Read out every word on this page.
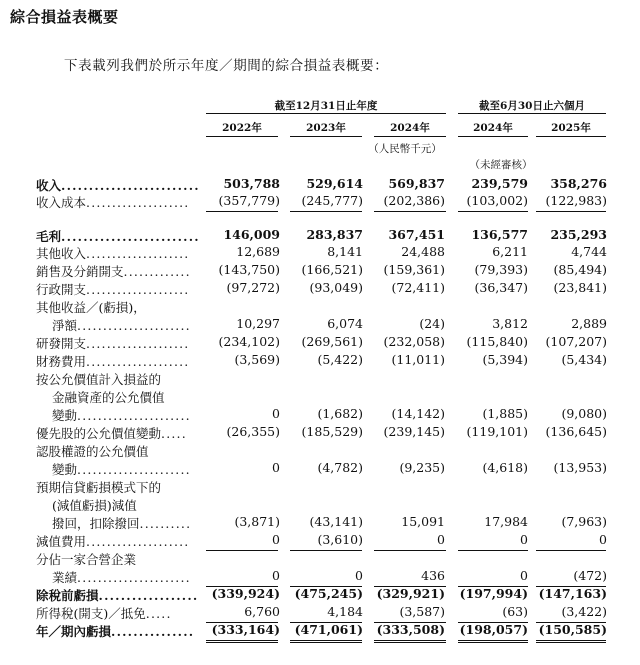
綜合損益表概要
下表載列我們於所示年度／期間的綜合損益表概要：
截至12月31日止年度	截至6月30日止六個月
2022年	2023年	2024年	2024年	2025年
（人民幣千元）
（未經審核）
收入.........................	503,788	529,614	569,837	239,579	358,276
收入成本....................	(357,779)	(245,777)	(202,386)	(103,002)	(122,983)
毛利.........................	146,009	283,837	367,451	136,577	235,293
其他收入....................	12,689	8,141	24,488	6,211	4,744
銷售及分銷開支.............	(143,750)	(166,521)	(159,361)	(79,393)	(85,494)
行政開支....................	(97,272)	(93,049)	(72,411)	(36,347)	(23,841)
其他收益／(虧損)，
淨額......................	10,297	6,074	(24)	3,812	2,889
研發開支....................	(234,102)	(269,561)	(232,058)	(115,840)	(107,207)
財務費用....................	(3,569)	(5,422)	(11,011)	(5,394)	(5,434)
按公允價值計入損益的
金融資產的公允價值
變動......................	0	(1,682)	(14,142)	(1,885)	(9,080)
優先股的公允價值變動.....	(26,355)	(185,529)	(239,145)	(119,101)	(136,645)
認股權證的公允價值
變動......................	0	(4,782)	(9,235)	(4,618)	(13,953)
預期信貸虧損模式下的
(減值虧損)減值
撥回，扣除撥回..........	(3,871)	(43,141)	15,091	17,984	(7,963)
減值費用....................	0	(3,610)	0	0	0
分佔一家合營企業
業績......................	0	0	436	0	(472)
除稅前虧損..................	(339,924)	(475,245)	(329,921)	(197,994) (147,163)
所得稅(開支)／抵免.....	6,760	4,184	(3,587)	(63)	(3,422)
年／期內虧損...............	(333,164)	(471,061)	(333,508)	(198,057) (150,585)
